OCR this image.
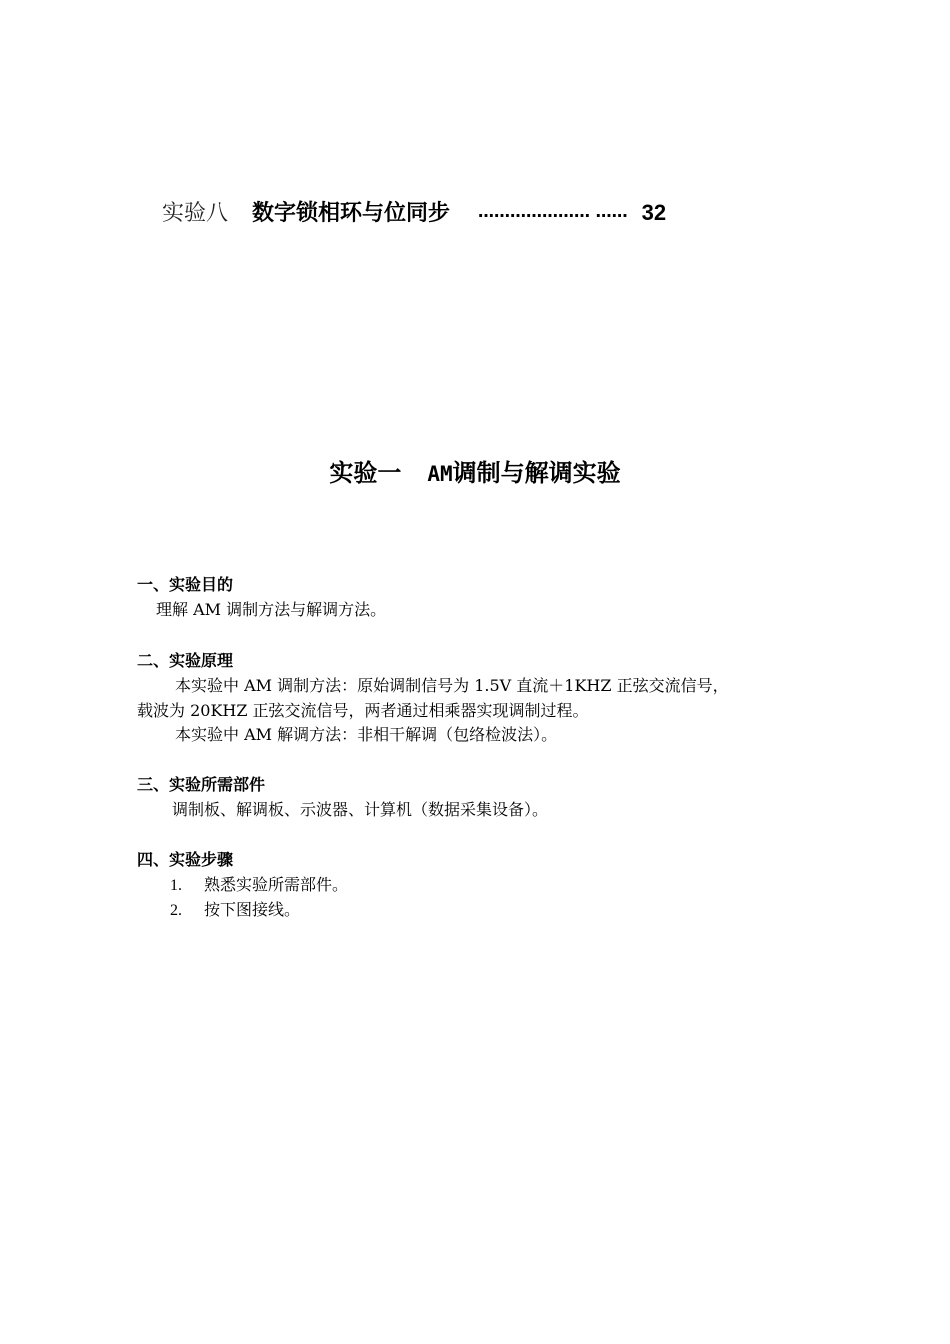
实验八 数字锁相环与位同步 ………………… …… 32
实验一 AM调制与解调实验
一、实验目的
理解 AM 调制方法与解调方法。
二、实验原理
本实验中 AM 调制方法：原始调制信号为 1.5V 直流＋1KHZ 正弦交流信号，
载波为 20KHZ 正弦交流信号，两者通过相乘器实现调制过程。
本实验中 AM 解调方法：非相干解调（包络检波法）。
三、实验所需部件
调制板、解调板、示波器、计算机（数据采集设备）。
四、实验步骤
1. 熟悉实验所需部件。
2. 按下图接线。
